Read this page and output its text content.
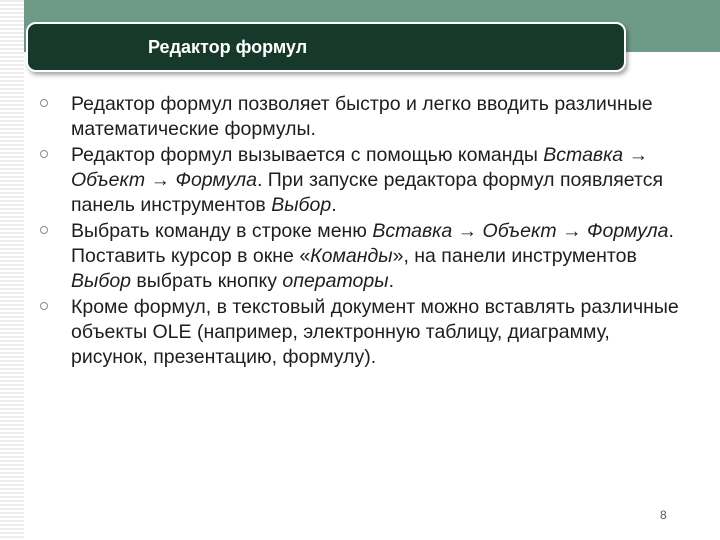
Редактор формул
Редактор формул позволяет быстро и легко вводить различные математические формулы.
Редактор формул вызывается с помощью команды Вставка → Объект → Формула. При запуске редактора формул появляется панель инструментов Выбор.
Выбрать команду в строке меню Вставка → Объект → Формула. Поставить курсор в окне «Команды», на панели инструментов Выбор выбрать кнопку операторы.
Кроме формул, в текстовый документ можно вставлять различные объекты OLE (например, электронную таблицу, диаграмму, рисунок, презентацию, формулу).
8
